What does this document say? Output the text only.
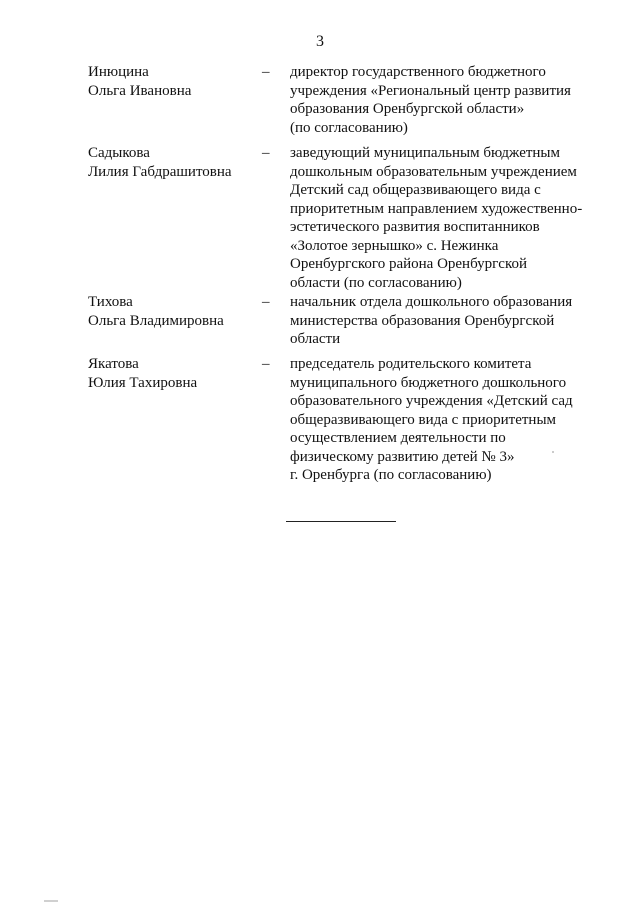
3
Инюцина
Ольга Ивановна
– директор государственного бюджетного
учреждения «Региональный центр развития
образования Оренбургской области»
(по согласованию)
Садыкова
Лилия Габдрашитовна
– заведующий муниципальным бюджетным
дошкольным образовательным учреждением
Детский сад общеразвивающего вида с
приоритетным направлением художественно-
эстетического развития воспитанников
«Золотое зернышко» с. Нежинка
Оренбургского района Оренбургской
области (по согласованию)
Тихова
Ольга Владимировна
– начальник отдела дошкольного образования
министерства образования Оренбургской
области
Якатова
Юлия Тахировна
– председатель родительского комитета
муниципального бюджетного дошкольного
образовательного учреждения «Детский сад
общеразвивающего вида с приоритетным
осуществлением деятельности по
физическому развитию детей № 3»
г. Оренбурга (по согласованию)
